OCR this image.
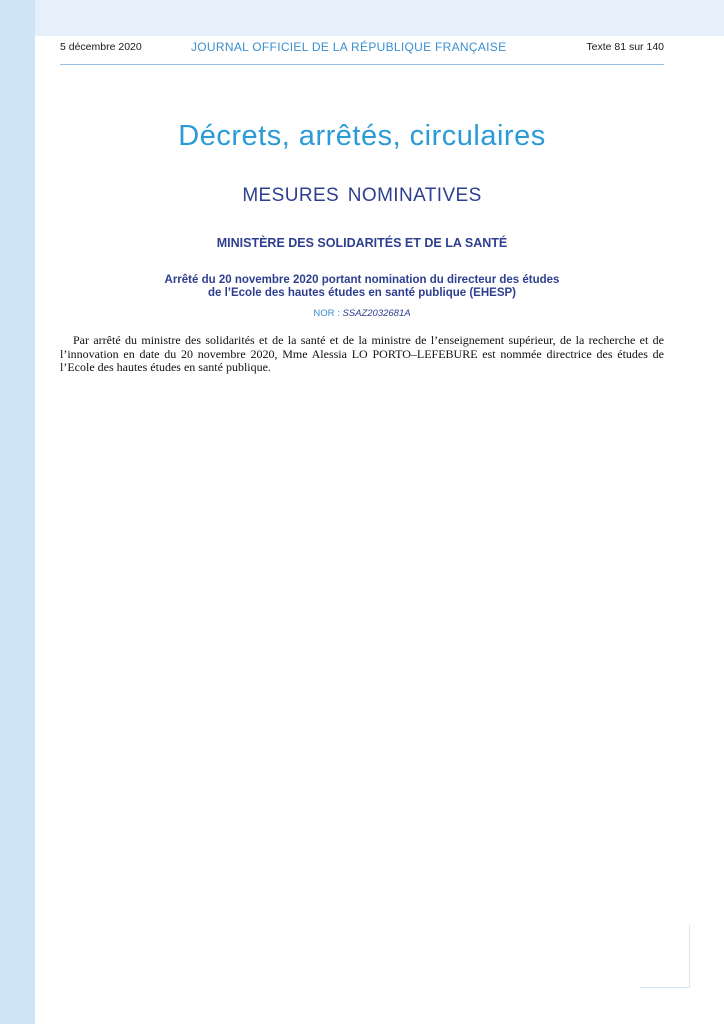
5 décembre 2020	JOURNAL OFFICIEL DE LA RÉPUBLIQUE FRANÇAISE	Texte 81 sur 140
Décrets, arrêtés, circulaires
MESURES NOMINATIVES
MINISTÈRE DES SOLIDARITÉS ET DE LA SANTÉ
Arrêté du 20 novembre 2020 portant nomination du directeur des études
de l’Ecole des hautes études en santé publique (EHESP)
NOR : SSAZ2032681A

Par arrêté du ministre des solidarités et de la santé et de la ministre de l’enseignement supérieur, de la recherche et de l’innovation en date du 20 novembre 2020, Mme Alessia LO PORTO–LEFEBURE est nommée directrice des études de l’Ecole des hautes études en santé publique.
